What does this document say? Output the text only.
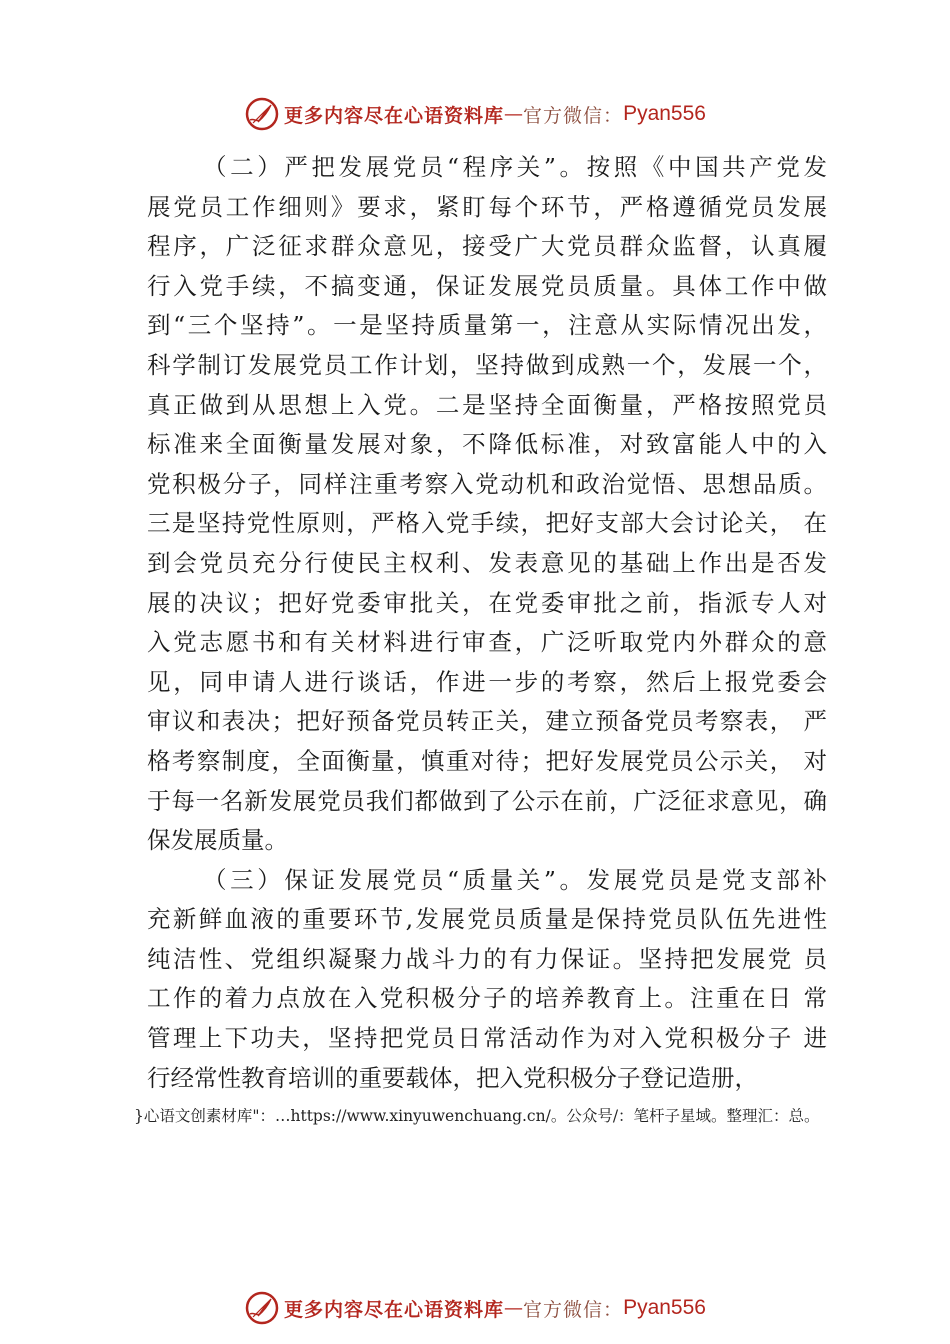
更多内容尽在心语资料库 — 官方微信： Pyan556
（二）严把发展党员“程序关”。按照《中国共产党发
展党员工作细则》要求，紧盯每个环节，严格遵循党员发展
程序，广泛征求群众意见，接受广大党员群众监督，认真履
行入党手续，不搞变通，保证发展党员质量。具体工作中做
到“三个坚持”。一是坚持质量第一，注意从实际情况出发，
科学制订发展党员工作计划，坚持做到成熟一个，发展一个，
真正做到从思想上入党。二是坚持全面衡量，严格按照党员
标准来全面衡量发展对象，不降低标准，对致富能人中的入
党积极分子，同样注重考察入党动机和政治觉悟、思想品质。
三是坚持党性原则，严格入党手续，把好支部大会讨论关， 在
到会党员充分行使民主权利、发表意见的基础上作出是否发
展的决议；把好党委审批关，在党委审批之前，指派专人对
入党志愿书和有关材料进行审查，广泛听取党内外群众的意
见，同申请人进行谈话，作进一步的考察，然后上报党委会
审议和表决；把好预备党员转正关，建立预备党员考察表， 严
格考察制度，全面衡量，慎重对待；把好发展党员公示关， 对
于每一名新发展党员我们都做到了公示在前，广泛征求意见，确
保发展质量。
（三）保证发展党员“质量关”。发展党员是党支部补
充新鲜血液的重要环节,发展党员质量是保持党员队伍先进性
纯洁性、党组织凝聚力战斗力的有力保证。坚持把发展党 员
工作的着力点放在入党积极分子的培养教育上。注重在日 常
管理上下功夫，坚持把党员日常活动作为对入党积极分子 进
行经常性教育培训的重要载体，把入党积极分子登记造册，
}心语文创素材库"：…https://www.xinyuwenchuang.cn/。公众号/：笔杆子星域。整理汇：总。
更多内容尽在心语资料库 — 官方微信： Pyan556
